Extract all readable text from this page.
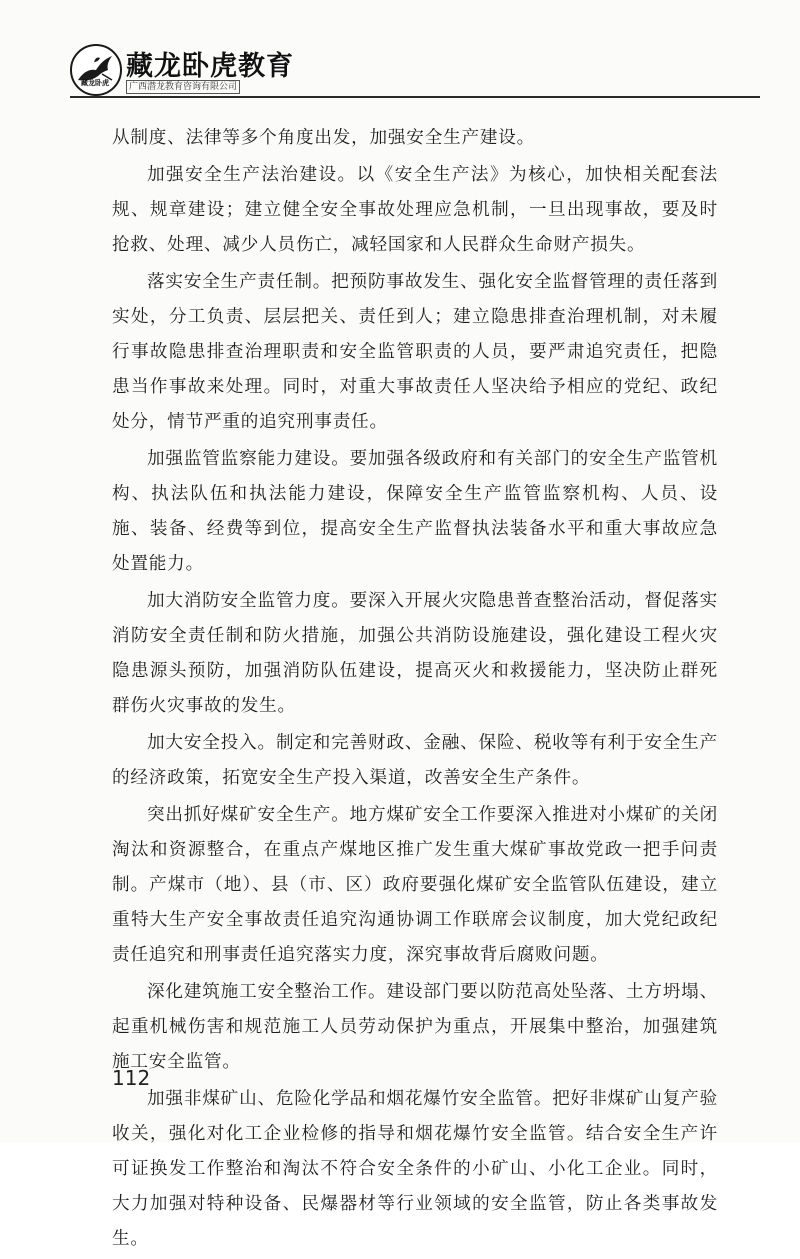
藏龙卧虎
藏龙卧虎教育
广西潜龙教育咨询有限公司

从制度、法律等多个角度出发，加强安全生产建设。

加强安全生产法治建设。以《安全生产法》为核心，加快相关配套法规、规章建设；建立健全安全事故处理应急机制，一旦出现事故，要及时抢救、处理、减少人员伤亡，减轻国家和人民群众生命财产损失。

落实安全生产责任制。把预防事故发生、强化安全监督管理的责任落到实处，分工负责、层层把关、责任到人；建立隐患排查治理机制，对未履行事故隐患排查治理职责和安全监管职责的人员，要严肃追究责任，把隐患当作事故来处理。同时，对重大事故责任人坚决给予相应的党纪、政纪处分，情节严重的追究刑事责任。

加强监管监察能力建设。要加强各级政府和有关部门的安全生产监管机构、执法队伍和执法能力建设，保障安全生产监管监察机构、人员、设施、装备、经费等到位，提高安全生产监督执法装备水平和重大事故应急处置能力。

加大消防安全监管力度。要深入开展火灾隐患普查整治活动，督促落实消防安全责任制和防火措施，加强公共消防设施建设，强化建设工程火灾隐患源头预防，加强消防队伍建设，提高灭火和救援能力，坚决防止群死群伤火灾事故的发生。

加大安全投入。制定和完善财政、金融、保险、税收等有利于安全生产的经济政策，拓宽安全生产投入渠道，改善安全生产条件。

突出抓好煤矿安全生产。地方煤矿安全工作要深入推进对小煤矿的关闭淘汰和资源整合，在重点产煤地区推广发生重大煤矿事故党政一把手问责制。产煤市（地）、县（市、区）政府要强化煤矿安全监管队伍建设，建立重特大生产安全事故责任追究沟通协调工作联席会议制度，加大党纪政纪责任追究和刑事责任追究落实力度，深究事故背后腐败问题。

深化建筑施工安全整治工作。建设部门要以防范高处坠落、土方坍塌、起重机械伤害和规范施工人员劳动保护为重点，开展集中整治，加强建筑施工安全监管。

加强非煤矿山、危险化学品和烟花爆竹安全监管。把好非煤矿山复产验收关，强化对化工企业检修的指导和烟花爆竹安全监管。结合安全生产许可证换发工作整治和淘汰不符合安全条件的小矿山、小化工企业。同时，大力加强对特种设备、民爆器材等行业领域的安全监管，防止各类事故发生。

112
